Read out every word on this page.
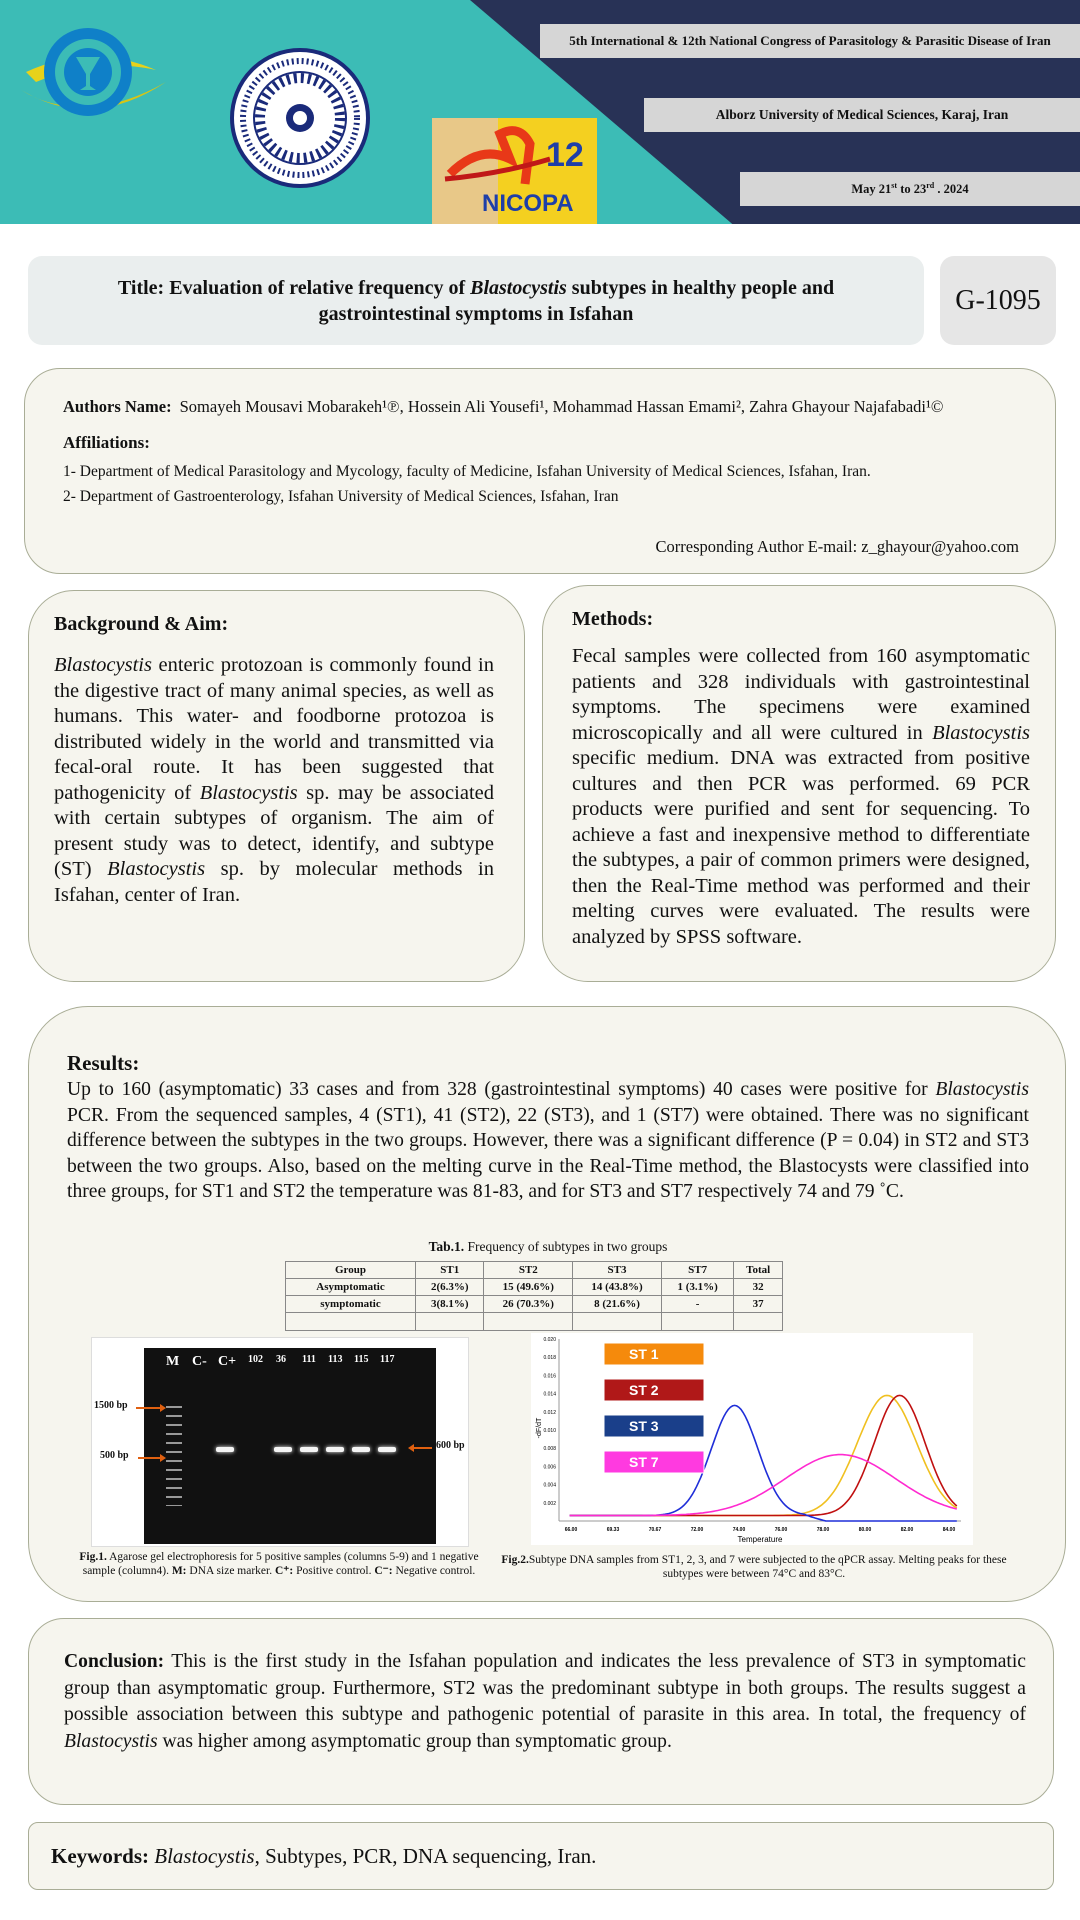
12
NICOPA
5th International & 12th National Congress of Parasitology & Parasitic Disease of Iran
Alborz University of Medical Sciences, Karaj, Iran
May 21st to 23rd . 2024
Title: Evaluation of relative frequency of Blastocystis subtypes in healthy people and gastrointestinal symptoms in Isfahan	G-1095
Authors Name: Somayeh Mousavi Mobarakeh¹℗, Hossein Ali Yousefi¹, Mohammad Hassan Emami², Zahra Ghayour Najafabadi¹©
Affiliations:
1- Department of Medical Parasitology and Mycology, faculty of Medicine, Isfahan University of Medical Sciences, Isfahan, Iran.
2- Department of Gastroenterology, Isfahan University of Medical Sciences, Isfahan, Iran
Corresponding Author E-mail: z_ghayour@yahoo.com
Background & Aim:
Blastocystis enteric protozoan is commonly found in the digestive tract of many animal species, as well as humans. This water- and foodborne protozoa is distributed widely in the world and transmitted via fecal-oral route. It has been suggested that pathogenicity of Blastocystis sp. may be associated with certain subtypes of organism. The aim of present study was to detect, identify, and subtype (ST) Blastocystis sp. by molecular methods in Isfahan, center of Iran.
Methods:
Fecal samples were collected from 160 asymptomatic patients and 328 individuals with gastrointestinal symptoms. The specimens were examined microscopically and all were cultured in Blastocystis specific medium. DNA was extracted from positive cultures and then PCR was performed. 69 PCR products were purified and sent for sequencing. To achieve a fast and inexpensive method to differentiate the subtypes, a pair of common primers were designed, then the Real-Time method was performed and their melting curves were evaluated. The results were analyzed by SPSS software.
Results:
Up to 160 (asymptomatic) 33 cases and from 328 (gastrointestinal symptoms) 40 cases were positive for Blastocystis PCR. From the sequenced samples, 4 (ST1), 41 (ST2), 22 (ST3), and 1 (ST7) were obtained. There was no significant difference between the subtypes in the two groups. However, there was a significant difference (P = 0.04) in ST2 and ST3 between the two groups. Also, based on the melting curve in the Real-Time method, the Blastocysts were classified into three groups, for ST1 and ST2 the temperature was 81-83, and for ST3 and ST7 respectively 74 and 79 ˚C.
Tab.1. Frequency of subtypes in two groups
Group	ST1	ST2	ST3	ST7	Total
Asymptomatic	2(6.3%)	15 (49.6%)	14 (43.8%)	1 (3.1%)	32
symptomatic	3(8.1%)	26 (70.3%)	8 (21.6%)	-	37

M C- C+ 102 36 111 113 115 117
1500 bp
500 bp
600 bp
Fig.1. Agarose gel electrophoresis for 5 positive samples (columns 5-9) and 1 negative sample (column4). M: DNA size marker. C⁺: Positive control. C⁻: Negative control.
0.002
0.004
0.006
0.008
0.010
0.012
0.014
0.016
0.018
0.020
66.00	69.33	70.67	72.00	74.00	76.00	78.00	80.00	82.00	84.00
Temperature
-dF/dT
ST 1
ST 2
ST 3
ST 7
Fig.2.Subtype DNA samples from ST1, 2, 3, and 7 were subjected to the qPCR assay. Melting peaks for these subtypes were between 74°C and 83°C.
Conclusion: This is the first study in the Isfahan population and indicates the less prevalence of ST3 in symptomatic group than asymptomatic group. Furthermore, ST2 was the predominant subtype in both groups. The results suggest a possible association between this subtype and pathogenic potential of parasite in this area. In total, the frequency of Blastocystis was higher among asymptomatic group than symptomatic group.
Keywords: Blastocystis, Subtypes, PCR, DNA sequencing, Iran.
